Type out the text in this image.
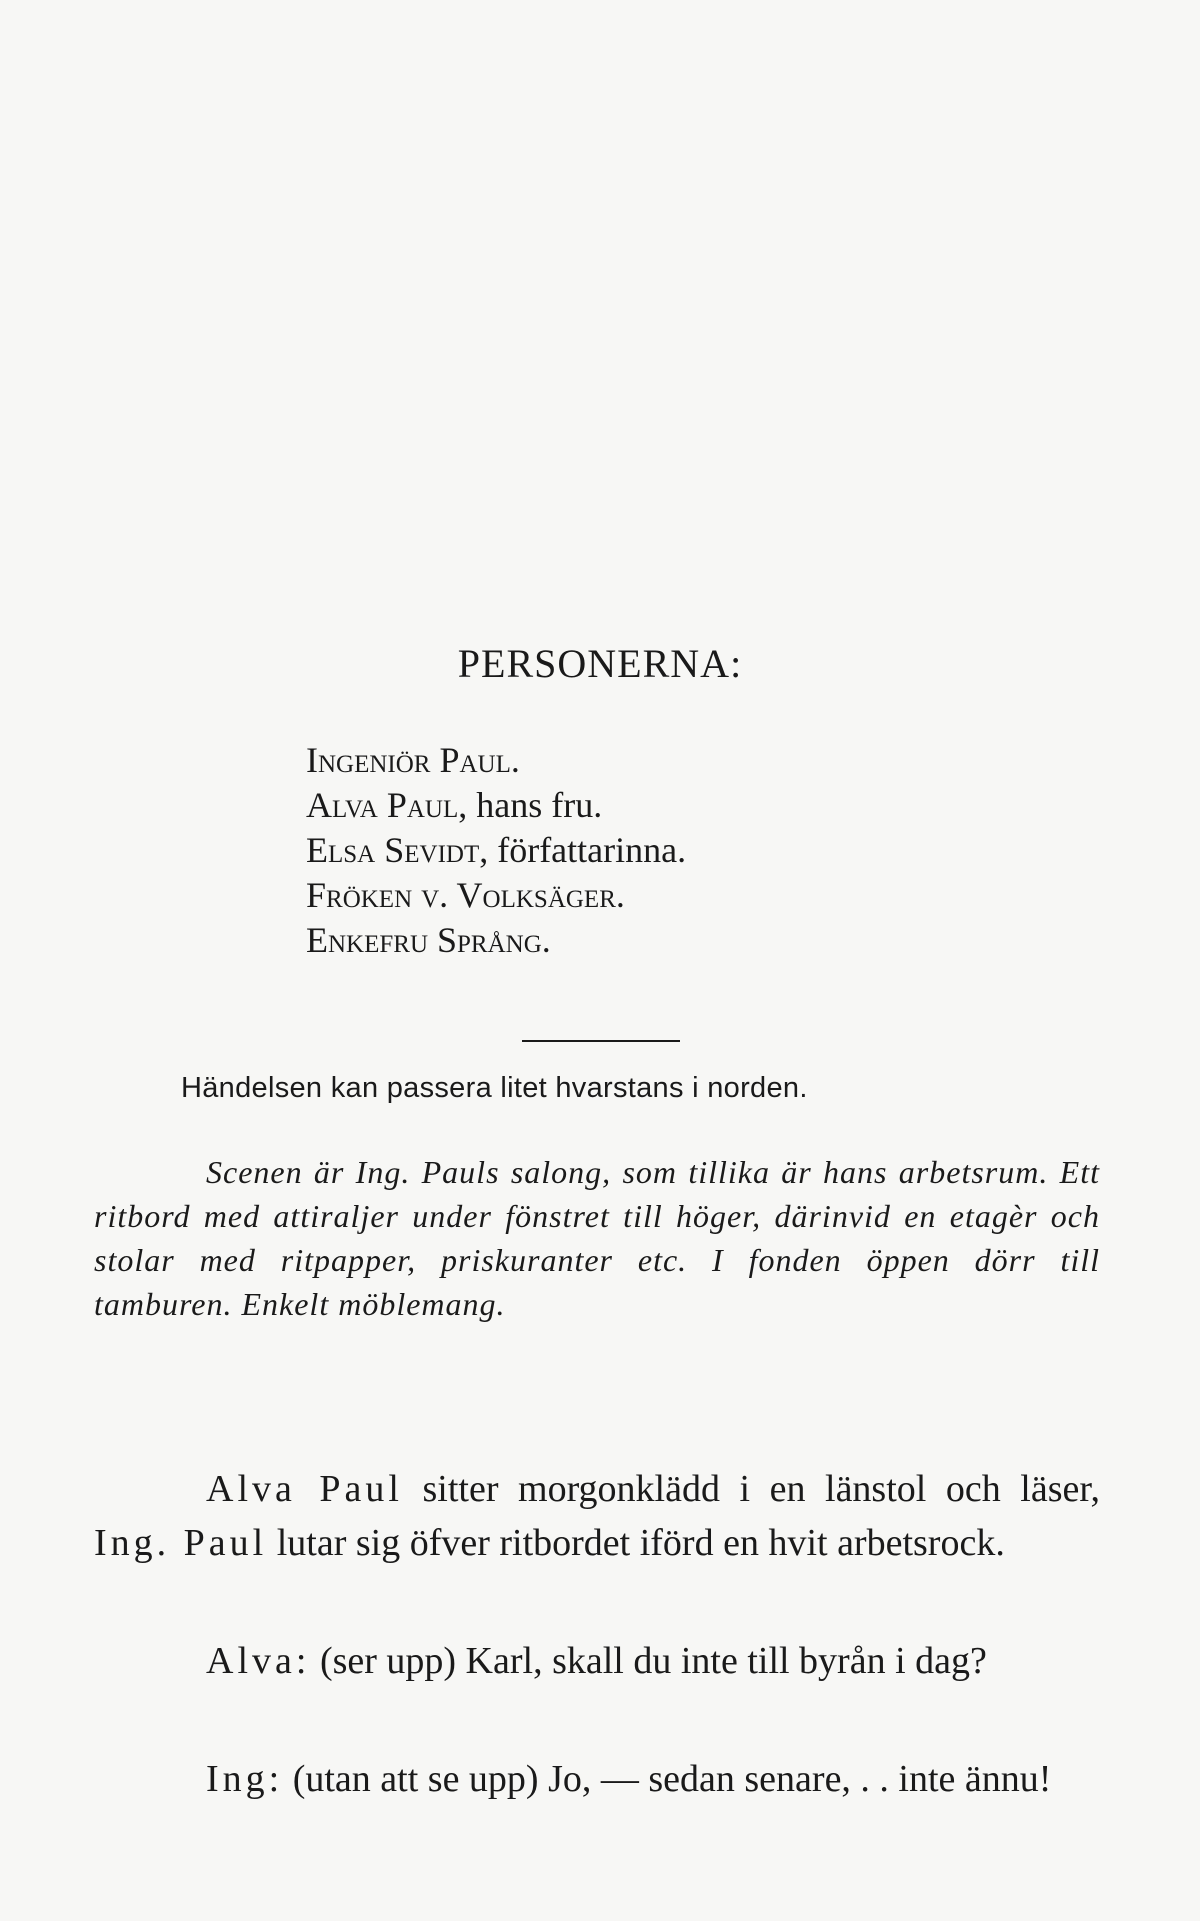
PERSONERNA:
Ingeniör Paul.
Alva Paul, hans fru.
Elsa Sevidt, författarinna.
Fröken v. Volksäger.
Enkefru Språng.
Händelsen kan passera litet hvarstans i norden.
Scenen är Ing. Pauls salong, som tillika är hans arbetsrum. Ett ritbord med attiraljer under fönstret till höger, därinvid en etagèr och stolar med ritpapper, priskuranter etc. I fonden öppen dörr till tamburen. Enkelt möblemang.
Alva Paul sitter morgonklädd i en länstol och läser, Ing. Paul lutar sig öfver ritbordet iförd en hvit arbetsrock.
Alva: (ser upp) Karl, skall du inte till byrån i dag?
Ing: (utan att se upp) Jo, — sedan senare, . . inte ännu!
